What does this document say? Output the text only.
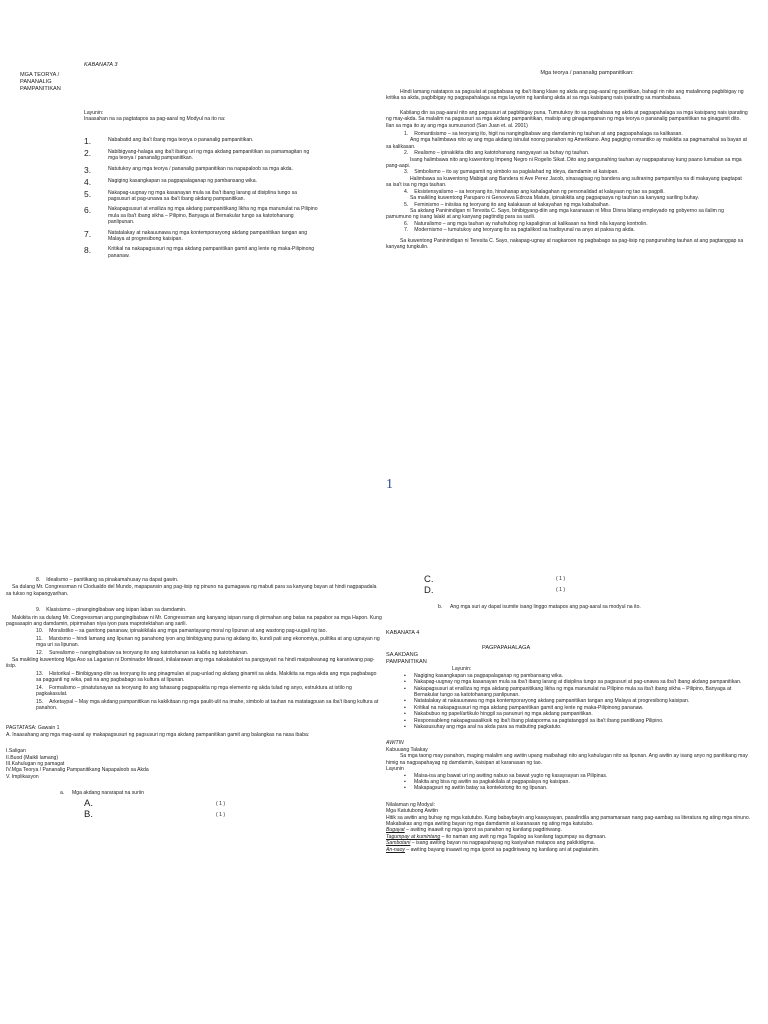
KABANATA 3
MGA TEORYA /
PANANALIG
PAMPANITIKAN
Layunin:
Inaasahan na sa pagtatapos sa pag-aaral ng Modyul na ito na:
1.	Nababatid ang iba't ibang mga teorya o pananalig pampanitikan.
2.	Nabibigyang-halaga ang iba't ibang uri ng mga akdang pampanitikan sa pamamagitan ng mga teorya / pananalig pampanitikan.
3.	Natutukoy ang mga teorya / pananalig pampanitikan na napapaloob sa mga akda.
4.	Nagiging kasangkapan sa pagpapalaganap ng pambansang wika.
5.	Nakapag-uugnay ng mga kasanayan mula sa iba't ibang larang at disiplina tungo sa pagsusuri at pag-unawa sa iba't ibang akdang pampanitikan.
6.	Nakapagsusuri at ensiliza ng mga akdang pampanitikang likha ng mga manunulat na Pilipino mula sa iba't ibang sikha – Pilipino, Banyaga at Bernakular tungo sa katotohanang panlipunan.
7.	Natatalakay at nakauunawa ng mga kontemporaryong akdang pampanitikan tangan ang Malaya at progresibong kaisipan.
8.	Kritikal na nakapagsusuri ng mga akdang pampanitikan gamit ang lente ng maka-Pilipinong pananaw.
Mga teorya / pananalig pampanitikan:

Hindi lamang natatapos sa pagsulat at pagbabasa ng iba't ibang klase ng akda ang pag-aaral ng panitikan, bahagi rin nito ang matalinong pagbibigay ng kritika sa akda, pagbibigay ng pagpapahalaga sa mga layunin ng kanilang akda at sa mga kaisipang nais iparating sa mambabasa.

Kabilang din sa pag-aaral nito ang pagsusuri at pagbibigay puna. Tumutukoy ito sa pagbabasa ng akda at pagpapahalaga sa mga kaisipang nais iparating ng may-akda. Sa malalim na pagsusuri sa mga akdang pampanitikan, maiisip ang ginagampanan ng mga teorya o pananalig pampanitikan na ginagamit dito. Ilan sa mga ito ay ang mga sumusunod (San Juan et. al. 2001)

1. Romantisismo – sa teoryang ito, higit na nangingibabaw ang damdamin ng tauhan at ang pagpapahalaga sa kalikasan.
Ang mga halimbawa nito ay ang mga akdang isinulat noong panahon ng Amerikano. Ang pagiging romantiko ay makikita sa pagmamahal sa bayan at sa kalikasan.
2. Realismo – ipinakikita dito ang katotohanang nangyayari sa buhay ng tauhan.
Isang halimbawa nito ang kuwentong Impeng Negro ni Rogelio Sikat. Dito ang pangunahing tauhan ay nagpapatunay kung paano lumaban sa mga pang-aapi.
3. Simbolismo – ito ay gumagamit ng simbolo sa paglalahad ng ideya, damdamin at kaisipan.
Halimbawa sa kuwentong Mabigat ang Bandera ni Ave Perez Jacob, sinasagisag ng bandera ang suliraning pampamilya na di makayang ipagtapat sa isa't isa ng mga tauhan.
4. Eksistensyalismo – sa teoryang ito, hinahanap ang kahalagahan ng personalidad at kalayaan ng tao sa pagpili.
Sa maikling kuwentong Paruparo ni Genoveva Edroza Matute, ipinakikita ang pagpapasya ng tauhan sa kanyang sariling buhay.
5. Feminismo – iniisiisa ng teoryang ito ang kalakasan at kakayahan ng mga kababaihan.
Sa akdang Paninindigan ni Teresita C. Sayo, binibigyang-diin ang mga karanasan ni Miss Dinna bilang empleyado ng gobyerno sa ilalim ng pamumuno ng isang lalaki at ang kanyang pagtindig para sa sarili.
6. Naturalismo – ang mga tauhan ay nahuhubog ng kapaligiran at kalikasan na hindi nila kayang kontrolin.
7. Modernismo – tumutukoy ang teoryang ito sa pagtalikod sa tradisyunal na anyo at paksa ng akda.

Sa kuwentong Paninindigan ni Teresita C. Sayo, nakapag-ugnay at nagkaroon ng pagbabago sa pag-iisip ng pangunahing tauhan at ang pagtanggap sa kanyang tungkulin.

1
8. Idealismo – panitikang sa pinakamahusay na dapat gawin.
Sa dulang Mr. Congressman ni Clodualdo del Mundo, mapapansin ang pag-iisip ng pinuno na gumagawa ng mabuti para sa kanyang bayan at hindi nagpapadala sa tukso ng kapangyarihan.
9. Klasisismo – pinangingibabaw ang isipan laban sa damdamin.
Makikita rin sa dulang Mr. Congressman ang pangingibabaw ni Mr. Congressman ang kanyang isipan nang di pirmahan ang batas na papabor sa mga Hapon. Kung pagsasapin ang damdamin, pipirmahan niya iyon para maprotektahan ang sarili.
10. Moralistiko – sa ganitong pananaw, ipinakikilala ang mga pamantayang moral ng lipunan at ang wastong pag-uugali ng tao.
11. Marxismo – hindi lamang ang lipunan ng panahong iyon ang binibigyang puna ng akdang ito, kundi pati ang ekonomiya, pulitika at ang ugnayan ng mga uri sa lipunan.
12. Surealismo – nangingibabaw sa teoryang ito ang katotohanan sa kabila ng katotohanan.
Sa maikling kuwentong Mga Aso sa Lagarian ni Dominador Mirasol, inilalarawan ang mga nakakatakot na pangyayari na hindi maipaliwanag ng karaniwang pag-iisip.
13. Historikal – Binibigyang-diin sa teoryang ito ang pinagmulan at pag-unlad ng akdang ginamit sa akda. Makikita sa mga akda ang mga pagbabago sa pagganti ng wika, pati na ang pagbabago sa kultura at lipunan.
14. Formalismo – pinatutunayan sa teoryang ito ang tahasang pagpapakita ng mga elemento ng akda tulad ng anyo, estruktura at istilo ng pagkakasulat.
15. Arketaypal – May mga akdang pampanitikan na kakikitaan ng mga paulit-ulit na imahe, simbolo at tauhan na matatagpuan sa iba't ibang kultura at panahon.
PAGTATASA: Gawain 1
A. Inaasahang ang mga mag-aaral ay makapagsusuri ng pagsusuri ng mga akdang pampanitikan gamit ang balangkas na nasa ibaba:
I.Saligan
II.Buod (Maikli lamang)
III.Kahulugan ng pamagat
IV.Mga Teorya / Pananalig Pampanitikang Napapaloob sa Akda
V. Implikasyon
a.	Mga akdang nararapat na suriin
A.	( 1 )
B.	( 1 )
C.	( 1 )
D.	( 1 )
b.	Ang mga suri ay dapat isumite isang linggo matapos ang pag-aaral sa modyul na ito.
KABANATA 4
PAGPAPAHALAGA
SA AKDANG
PAMPANITIKAN
Layunin:
▪	Nagiging kasangkapan sa pagpapalaganap ng pambansang wika.
▪	Nakapag-uugnay ng mga kasanayan mula sa iba't ibang larang at disiplina tungo sa pagsusuri at pag-unawa sa iba't ibang akdang pampanitikan.
▪	Nakapagsusuri at ensiliza ng mga akdang pampanitikang likha ng mga manunulat na Pilipino mula sa iba't ibang sikha – Pilipino, Banyaga at Bernakular tungo sa katotohanang panlipunan.
▪	Natatalakay at nakauunawa ng mga kontemporaryong akdang pampanitikan tangan ang Malaya at progresibong kaisipan.
▪	Kritikal na nakapagsusuri ng mga akdang pampanitikan gamit ang lente ng maka-Pilipinong pananaw.
▪	Nakabubuo ng papel/artikulo hinggil sa panunuri ng mga akdang pampanitikan.
▪	Responsableng nakapagsasaliksik ng iba't ibang plataporma sa pagtatanggol sa iba't ibang panitikang Pilipino.
▪	Nakasusuhay ang mga aral na akda para sa mabuting pagkatuto.
AWITIN
Kabuuang Talakay

Sa mga taong may panahon, maging malalim ang awitin upang maibahagi nito ang kahulugan nito sa lipunan. Ang awitin ay isang anyo ng panitikang may himig na nagpapahayag ng damdamin, kaisipan at karanasan ng tao.

Layunin
▪	Maisa-isa ang bawat uri ng awiting nabuo sa bawat yugto ng kasaysayan sa Pilipinas.
▪	Makita ang bisa ng awitin sa pagkakilala at pagpapalaya ng kaisipan.
▪	Makapagsuri ng awitin batay sa kontekstong ito ng lipunan.
Nilalaman ng Modyul:
Mga Katutubong Awitin

Hitik sa awitin ang buhay ng mga katutubo. Kung babaybayin ang kasaysayan, pasalindila ang pamamaraan nang pag-aambag sa literatura ng ating mga ninuno. Makabakas ang mga awiting bayan ng mga damdamin at karanasan ng ating mga katutubo.

Bugayat – awiting inaawit ng mga igorot sa panahon ng kanilang pagdiriwang.
Tagumpay at kumintang – ito naman ang awit ng mga Tagalog sa kanilang tagumpay sa digmaan.
Sambotani – isang awiting bayan na nagpapahayag ng kasiyahan matapos ang pakikidigma.
An-naoy – awiting bayang inaawit ng mga igorot sa pagdiriwang ng kanilang ani at pagtatanim.
